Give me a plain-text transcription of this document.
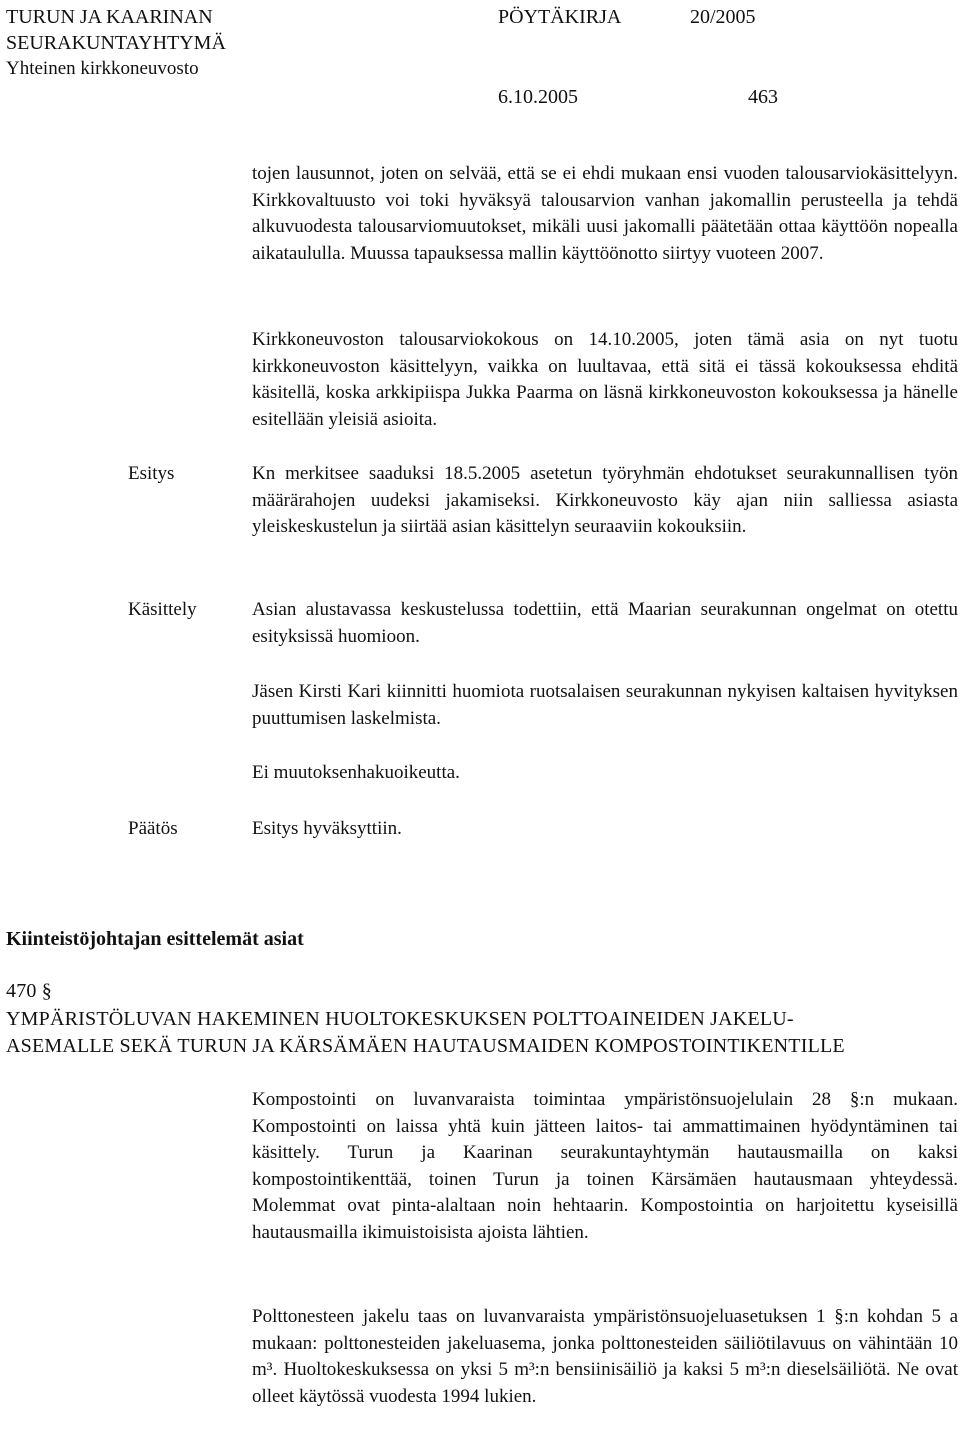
TURUN JA KAARINAN
SEURAKUNTAYHTYMÄ
Yhteinen kirkkoneuvosto
PÖYTÄKIRJA	20/2005
6.10.2005	463
tojen lausunnot, joten on selvää, että se ei ehdi mukaan ensi vuoden talousarviokäsittelyyn. Kirkkovaltuusto voi toki hyväksyä talousarvion vanhan jakomallin perusteella ja tehdä alkuvuodesta talousarviomuutokset, mikäli uusi jakomalli päätetään ottaa käyttöön nopealla aikataululla. Muussa tapauksessa mallin käyttöönotto siirtyy vuoteen 2007.
Kirkkoneuvoston talousarviokokous on 14.10.2005, joten tämä asia on nyt tuotu kirkkoneuvoston käsittelyyn, vaikka on luultavaa, että sitä ei tässä kokouksessa ehditä käsitellä, koska arkkipiispa Jukka Paarma on läsnä kirkkoneuvoston kokouksessa ja hänelle esitellään yleisiä asioita.
Esitys	Kn merkitsee saaduksi 18.5.2005 asetetun työryhmän ehdotukset seurakunnallisen työn määrärahojen uudeksi jakamiseksi. Kirkkoneuvosto käy ajan niin salliessa asiasta yleiskeskustelun ja siirtää asian käsittelyn seuraaviin kokouksiin.
Käsittely	Asian alustavassa keskustelussa todettiin, että Maarian seurakunnan ongelmat on otettu esityksissä huomioon.
Jäsen Kirsti Kari kiinnitti huomiota ruotsalaisen seurakunnan nykyisen kaltaisen hyvityksen puuttumisen laskelmista.
Ei muutoksenhakuoikeutta.
Päätös	Esitys hyväksyttiin.
Kiinteistöjohtajan esittelemät asiat
470 §
YMPÄRISTÖLUVAN HAKEMINEN HUOLTOKESKUKSEN POLTTOAINEIDEN JAKELU-
ASEMALLE SEKÄ TURUN JA KÄRSÄMÄEN HAUTAUSMAIDEN KOMPOSTOINTIKENTILLE
Kompostointi on luvanvaraista toimintaa ympäristönsuojelulain 28 §:n mukaan. Kompostointi on laissa yhtä kuin jätteen laitos- tai ammattimainen hyödyntäminen tai käsittely. Turun ja Kaarinan seurakuntayhtymän hautausmailla on kaksi kompostointikenttää, toinen Turun ja toinen Kärsämäen hautausmaan yhteydessä. Molemmat ovat pinta-alaltaan noin hehtaarin. Kompostointia on harjoitettu kyseisillä hautausmailla ikimuistoisista ajoista lähtien.
Polttonesteen jakelu taas on luvanvaraista ympäristönsuojeluasetuksen 1 §:n kohdan 5 a mukaan: polttonesteiden jakeluasema, jonka polttonesteiden säiliötilavuus on vähintään 10 m³. Huoltokeskuksessa on yksi 5 m³:n bensiinisäiliö ja kaksi 5 m³:n dieselsäiliötä. Ne ovat olleet käytössä vuodesta 1994 lukien.
